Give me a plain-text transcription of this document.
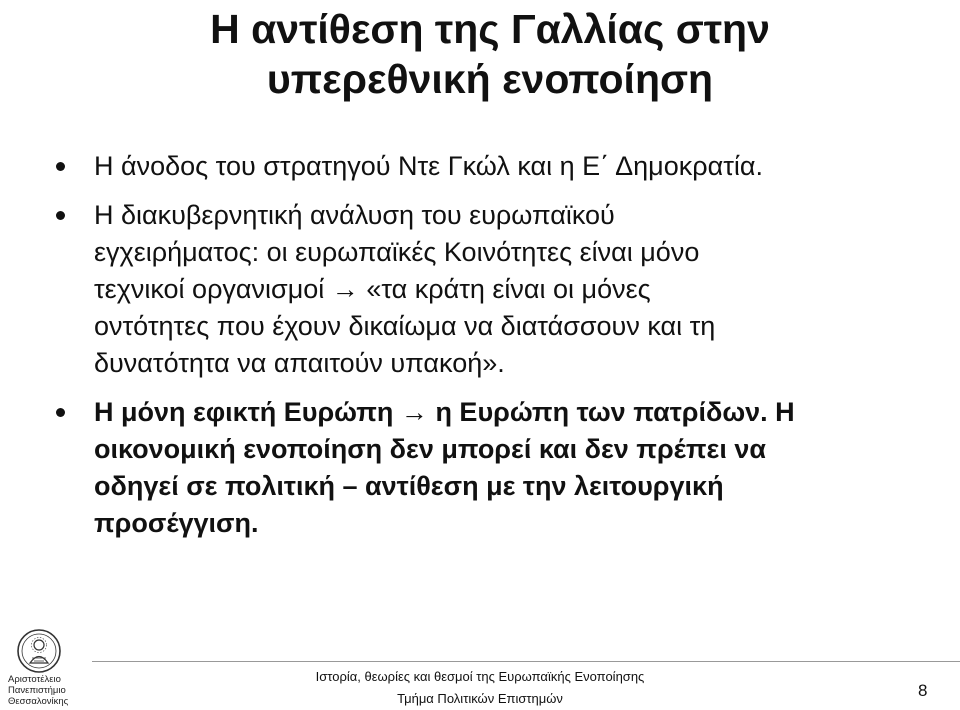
Η αντίθεση της Γαλλίας στην
υπερεθνική ενοποίηση
Η άνοδος του στρατηγού Ντε Γκώλ και η Ε΄ Δημοκρατία.
Η διακυβερνητική ανάλυση του ευρωπαϊκού
εγχειρήματος: οι ευρωπαϊκές Κοινότητες είναι μόνο
τεχνικοί οργανισμοί → «τα κράτη είναι οι μόνες
οντότητες που έχουν δικαίωμα να διατάσσουν και τη
δυνατότητα να απαιτούν υπακοή».
Η μόνη εφικτή Ευρώπη → η Ευρώπη των πατρίδων. Η
οικονομική ενοποίηση δεν μπορεί και δεν πρέπει να
οδηγεί σε πολιτική – αντίθεση με την λειτουργική
προσέγγιση.
Αριστοτέλειο
Πανεπιστήμιο
Θεσσαλονίκης
Ιστορία, θεωρίες και θεσμοί της Ευρωπαϊκής Ενοποίησης
Τμήμα Πολιτικών Επιστημών	8
